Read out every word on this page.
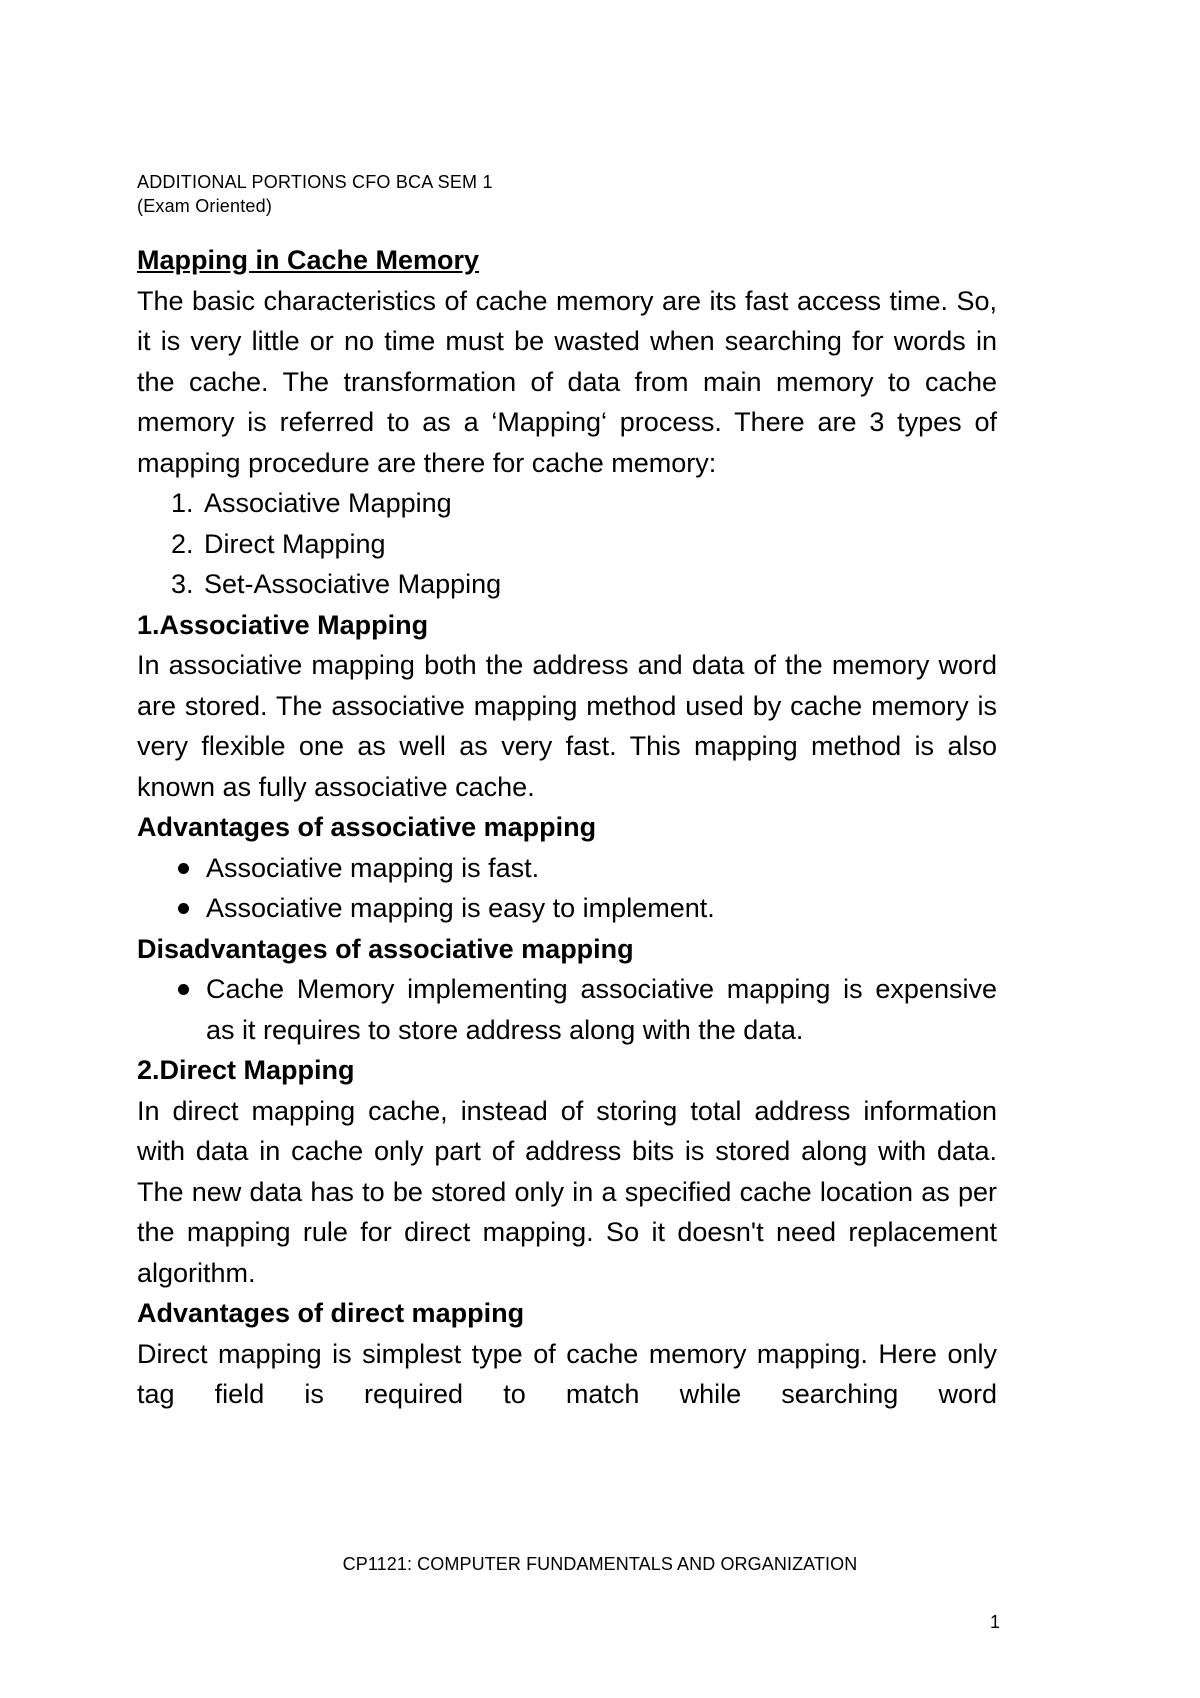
ADDITIONAL PORTIONS CFO BCA SEM 1
(Exam Oriented)
Mapping in Cache Memory
The basic characteristics of cache memory are its fast access time. So, it is very little or no time must be wasted when searching for words in the cache. The transformation of data from main memory to cache memory is referred to as a ‘Mapping‘ process. There are 3 types of mapping procedure are there for cache memory:
1. Associative Mapping
2. Direct Mapping
3. Set-Associative Mapping
1.Associative Mapping
In associative mapping both the address and data of the memory word are stored. The associative mapping method used by cache memory is very flexible one as well as very fast. This mapping method is also known as fully associative cache.
Advantages of associative mapping
Associative mapping is fast.
Associative mapping is easy to implement.
Disadvantages of associative mapping
Cache Memory implementing associative mapping is expensive as it requires to store address along with the data.
2.Direct Mapping
In direct mapping cache, instead of storing total address information with data in cache only part of address bits is stored along with data. The new data has to be stored only in a specified cache location as per the mapping rule for direct mapping. So it doesn't need replacement algorithm.
Advantages of direct mapping
Direct mapping is simplest type of cache memory mapping. Here only tag field is required to match while searching word
CP1121: COMPUTER FUNDAMENTALS AND ORGANIZATION
1
